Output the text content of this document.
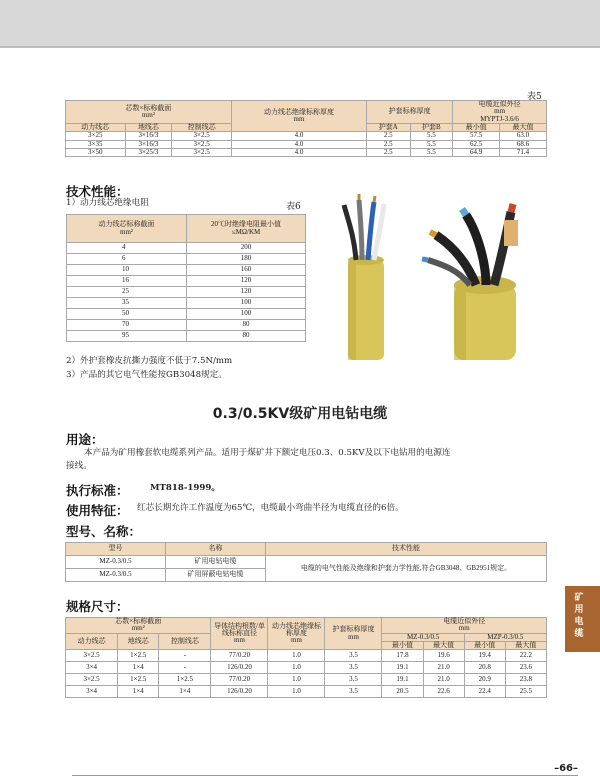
表5
芯数×标称截面
mm²			动力线芯绝缘标称厚度
mm	护套标称厚度		电缆近似外径
mm
MYPTJ-3.6/6	
动力线芯	地线芯	控制线芯		护套A	护套B	最小值	最大值
3×25	3×16/3	3×2.5	4.0	2.5	5.5	57.5	63.0
3×35	3×16/3	3×2.5	4.0	2.5	5.5	62.5	68.6
3×50	3×25/3	3×2.5	4.0	2.5	5.5	64.9	71.4
技术性能：
1）动力线芯绝缘电阻	表6
动力线芯标称截面
mm²	20℃时绝缘电阻最小值
≤MΩ/KM
4	200
6	180
10	160
16	120
25	120
35	100
50	100
70	80
95	80
2）外护套橡皮抗撕力强度不低于7.5N/mm
3）产品的其它电气性能按GB3048规定。
0.3/0.5KV级矿用电钻电缆
用途：
本产品为矿用橡套软电缆系列产品。适用于煤矿井下额定电压0.3、0.5KV及以下电钻用的电源连
接线。
执行标准： MT818-1999。
使用特征： 红芯长期允许工作温度为65℃，电缆最小弯曲半径为电缆直径的6倍。
型号、名称：
型号	名称	技术性能
MZ-0.3/0.5	矿用电钻电缆	电缆的电气性能及绝缘和护套力学性能,符合GB3048、GB2951规定。
MZ-0.3/0.5	矿用屏蔽电钻电缆	
规格尺寸：
芯数×标称截面
mm²			导体结构根数/单线标称直径
mm	动力线芯绝缘标称厚度
mm	护套标称厚度
mm	电缆近似外径
mm			
动力线芯	地线芯	控制线芯				MZ-0.3/0.5		MZP-0.3/0.5	
						最小值	最大值	最小值	最大值
3×2.5	1×2.5	-	77/0.20	1.0	3.5	17.8	19.6	19.4	22.2
3×4	1×4	-	126/0.20	1.0	3.5	19.1	21.0	20.8	23.6
3×2.5	1×2.5	1×2.5	77/0.20	1.0	3.5	19.1	21.0	20.9	23.8
3×4	1×4	1×4	126/0.20	1.0	3.5	20.5	22.6	22.4	25.5
矿用电缆
–66–
